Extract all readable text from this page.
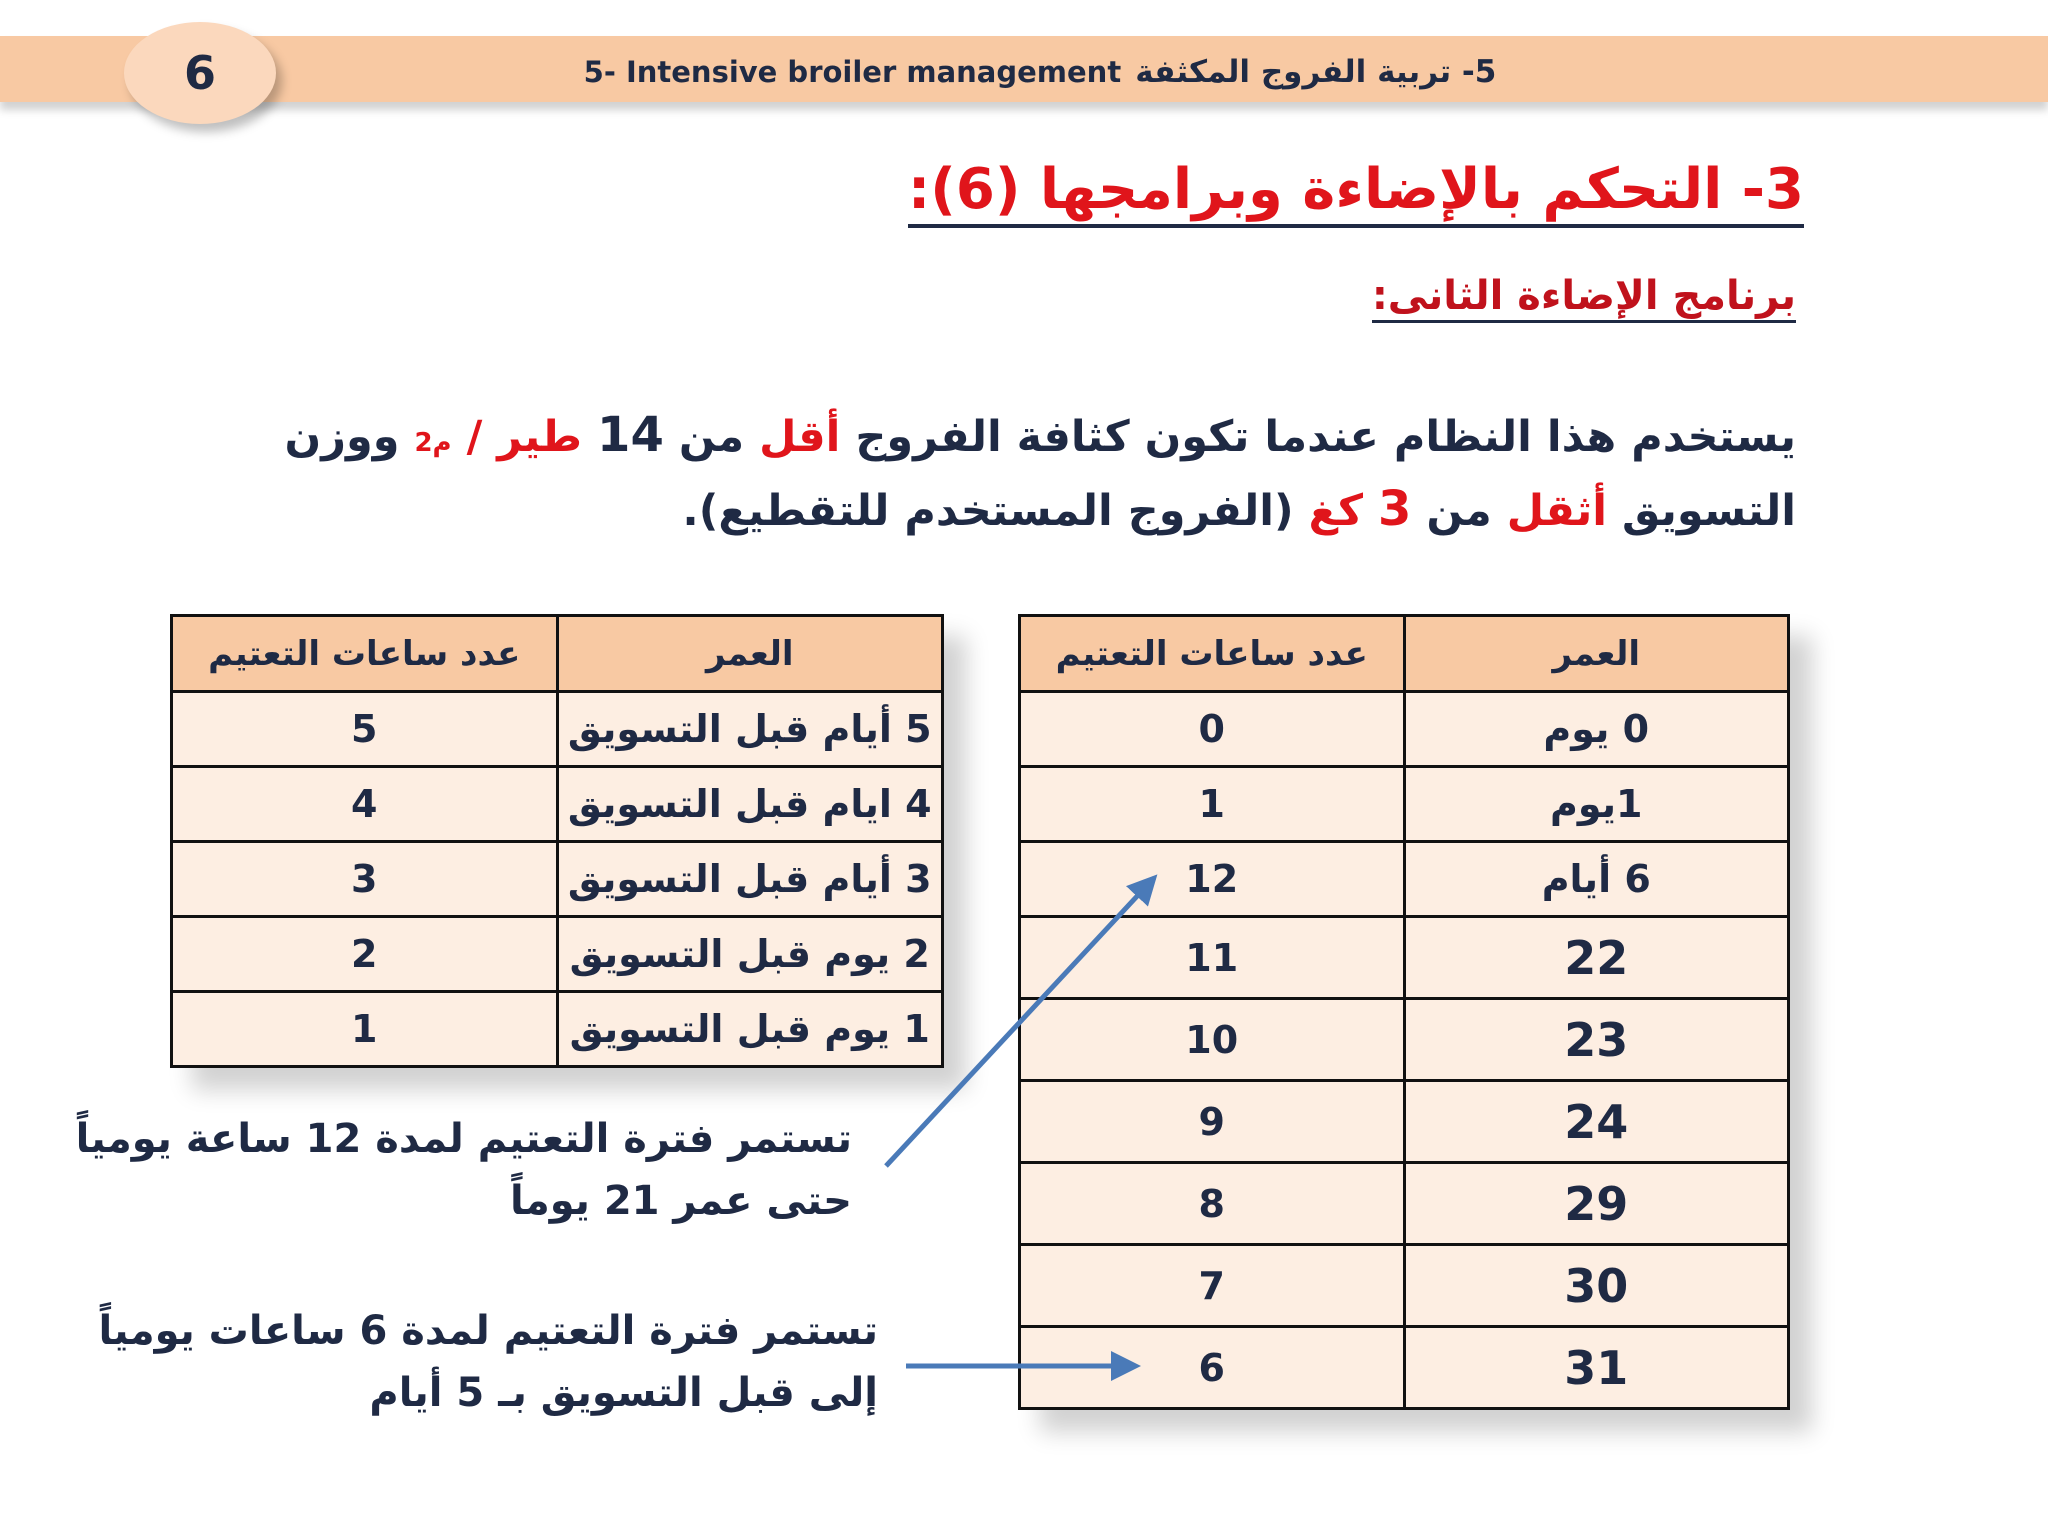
5- Intensive broiler management 5- تربية الفروج المكثفة
6
3- التحكم بالإضاءة وبرامجها (6):
برنامج الإضاءة الثانى:
يستخدم هذا النظام عندما تكون كثافة الفروج أقل من 14 طير / م2 ووزن التسويق أثقل من 3 كغ (الفروج المستخدم للتقطيع).
العمر	عدد ساعات التعتيم
0 يوم	0
1يوم	1
6 أيام	12
22	11
23	10
24	9
29	8
30	7
31	6
العمر	عدد ساعات التعتيم
5 أيام قبل التسويق	5
4 ايام قبل التسويق	4
3 أيام قبل التسويق	3
2 يوم قبل التسويق	2
1 يوم قبل التسويق	1
تستمر فترة التعتيم لمدة 12 ساعة يومياً
حتى عمر 21 يوماً
تستمر فترة التعتيم لمدة 6 ساعات يومياً
إلى قبل التسويق بـ 5 أيام
